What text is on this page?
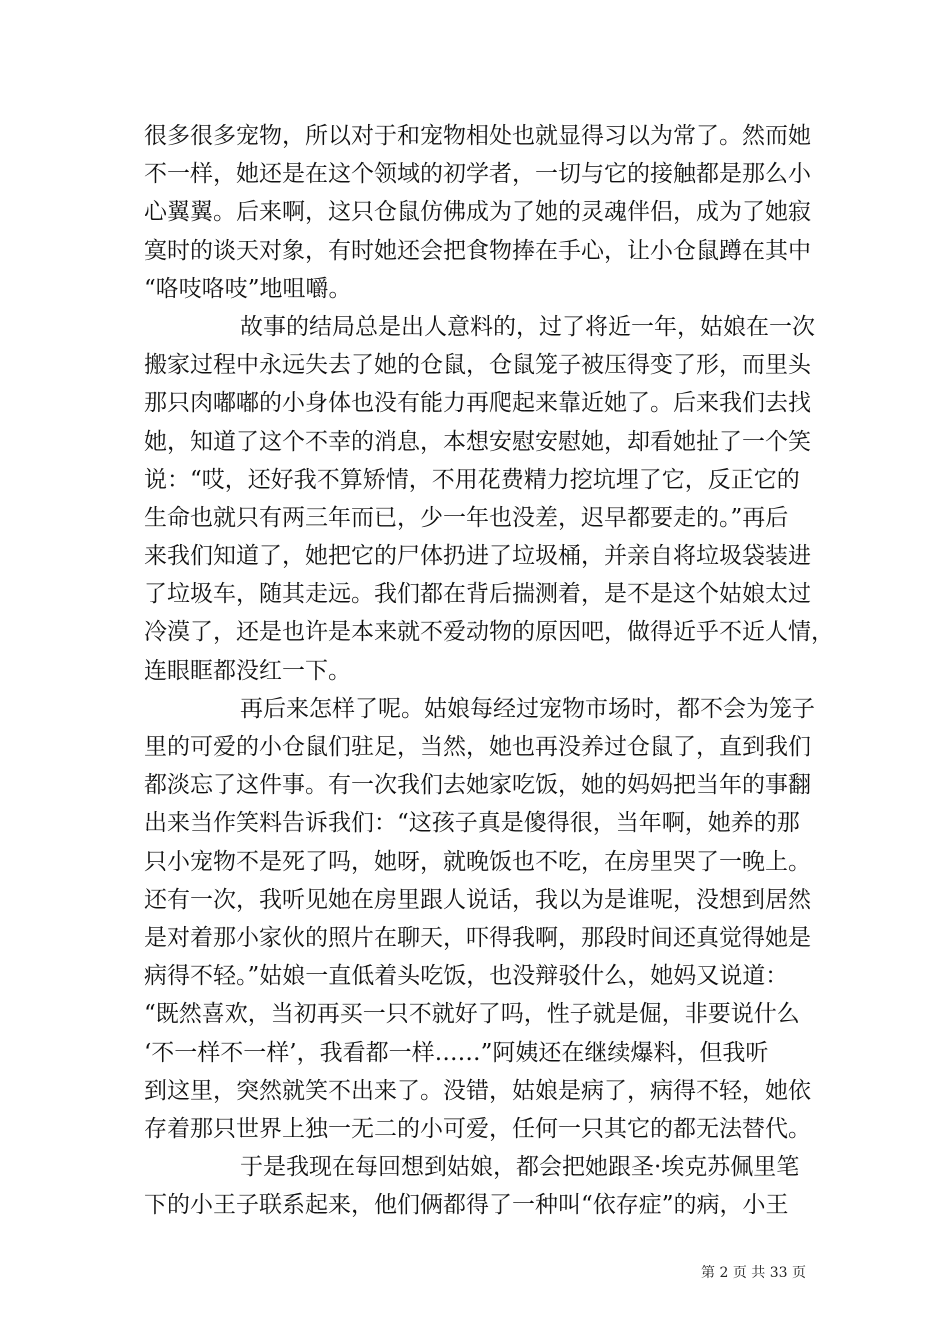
很多很多宠物，所以对于和宠物相处也就显得习以为常了。然而她
不一样，她还是在这个领域的初学者，一切与它的接触都是那么小
心翼翼。后来啊，这只仓鼠仿佛成为了她的灵魂伴侣，成为了她寂
寞时的谈天对象，有时她还会把食物捧在手心，让小仓鼠蹲在其中
“咯吱咯吱”地咀嚼。
故事的结局总是出人意料的，过了将近一年，姑娘在一次
搬家过程中永远失去了她的仓鼠，仓鼠笼子被压得变了形，而里头
那只肉嘟嘟的小身体也没有能力再爬起来靠近她了。后来我们去找
她，知道了这个不幸的消息，本想安慰安慰她，却看她扯了一个笑
说：“哎，还好我不算矫情，不用花费精力挖坑埋了它，反正它的
生命也就只有两三年而已，少一年也没差，迟早都要走的。”再后
来我们知道了，她把它的尸体扔进了垃圾桶，并亲自将垃圾袋装进
了垃圾车，随其走远。我们都在背后揣测着，是不是这个姑娘太过
冷漠了，还是也许是本来就不爱动物的原因吧，做得近乎不近人情，
连眼眶都没红一下。
再后来怎样了呢。姑娘每经过宠物市场时，都不会为笼子
里的可爱的小仓鼠们驻足，当然，她也再没养过仓鼠了，直到我们
都淡忘了这件事。有一次我们去她家吃饭，她的妈妈把当年的事翻
出来当作笑料告诉我们：“这孩子真是傻得很，当年啊，她养的那
只小宠物不是死了吗，她呀，就晚饭也不吃，在房里哭了一晚上。
还有一次，我听见她在房里跟人说话，我以为是谁呢，没想到居然
是对着那小家伙的照片在聊天，吓得我啊，那段时间还真觉得她是
病得不轻。”姑娘一直低着头吃饭，也没辩驳什么，她妈又说道：
“既然喜欢，当初再买一只不就好了吗，性子就是倔，非要说什么
‘不一样不一样’，我看都一样……”阿姨还在继续爆料，但我听
到这里，突然就笑不出来了。没错，姑娘是病了，病得不轻，她依
存着那只世界上独一无二的小可爱，任何一只其它的都无法替代。
于是我现在每回想到姑娘，都会把她跟圣·埃克苏佩里笔
下的小王子联系起来，他们俩都得了一种叫“依存症”的病，小王
第 2 页 共 33 页
